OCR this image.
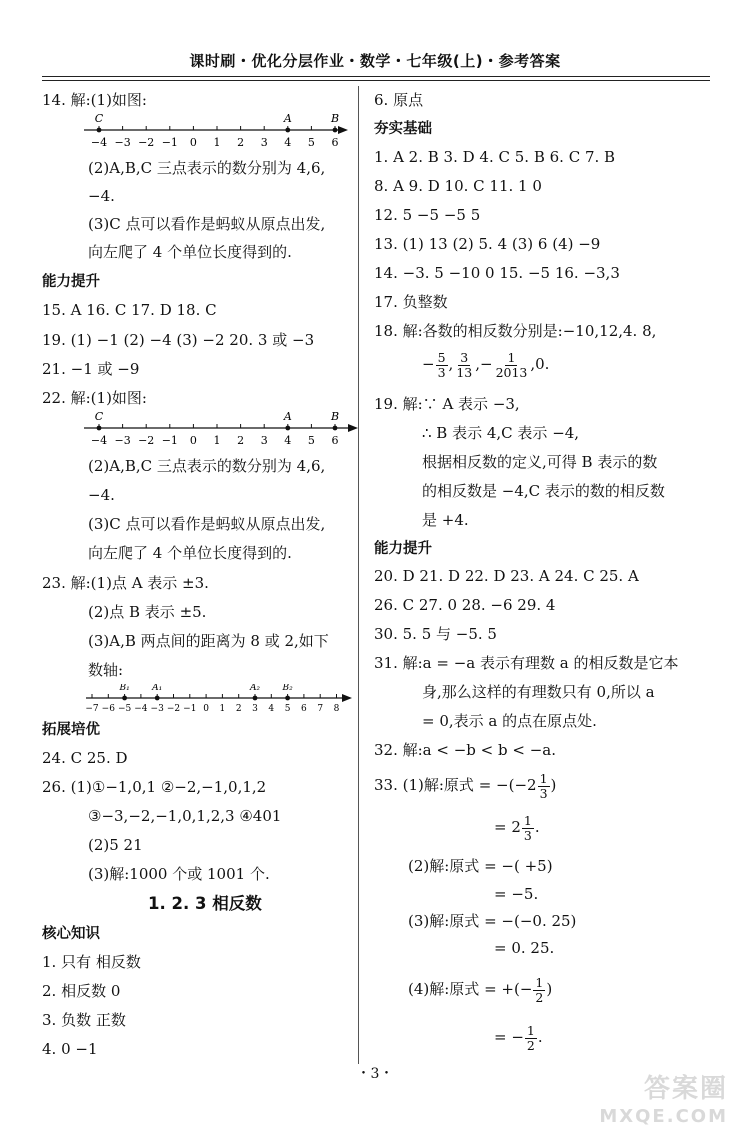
课时刷・优化分层作业・数学・七年级(上)・参考答案
14. 解:(1)如图:
−4 −3 −2 −1 0 1 2 3 4 5 6
C	A	B
(2)A,B,C 三点表示的数分别为 4,6,
−4.
(3)C 点可以看作是蚂蚁从原点出发,
向左爬了 4 个单位长度得到的.
能力提升
15. A 16. C 17. D 18. C
19. (1) −1 (2) −4 (3) −2 20. 3 或 −3
21. −1 或 −9
22. 解:(1)如图:
−4 −3 −2 −1 0 1 2 3 4 5 6
C	A	B
(2)A,B,C 三点表示的数分别为 4,6,
−4.
(3)C 点可以看作是蚂蚁从原点出发,
向左爬了 4 个单位长度得到的.
23. 解:(1)点 A 表示 ±3.
(2)点 B 表示 ±5.
(3)A,B 两点间的距离为 8 或 2,如下
数轴:
−7 −6 −5 −4 −3 −2 −1 0 1 2 3 4 5 6 7 8
B₁ A₁	A₂ B₂
拓展培优
24. C 25. D
26. (1)①−1,0,1 ②−2,−1,0,1,2
③−3,−2,−1,0,1,2,3 ④401
(2)5 21
(3)解:1000 个或 1001 个.
1. 2. 3 相反数
核心知识
1. 只有 相反数
2. 相反数 0
3. 负数 正数
4. 0 −1
6. 原点
夯实基础
1. A 2. B 3. D 4. C 5. B 6. C 7. B
8. A 9. D 10. C 11. 1 0
12. 5 −5 −5 5
13. (1) 13 (2) 5. 4 (3) 6 (4) −9
14. −3. 5 −10 0 15. −5 16. −3,3
17. 负整数
18. 解:各数的相反数分别是:−10,12,4. 8,
− $\frac{5}{3}$ , $\frac{3}{13}$ ,− $\frac{1}{2013} ,0$.
19. 解:∵ A 表示 −3,
∴ B 表示 4,C 表示 −4,
根据相反数的定义,可得 B 表示的数
的相反数是 −4,C 表示的数的相反数
是 +4.
能力提升
20. D 21. D 22. D 23. A 24. C 25. A
26. C 27. 0 28. −6 29. 4
30. 5. 5 与 −5. 5
31. 解:a = −a 表示有理数 a 的相反数是它本
身,那么这样的有理数只有 0,所以 a
= 0,表示 a 的点在原点处.
32. 解:a < −b < b < −a.
33. (1)解:原式 = $-(-2 \frac{1}{3}$ )
= $2 \frac{1}{3}$ .
(2)解:原式 = −( +5)
= −5.
(3)解:原式 = −(−0. 25)
= 0. 25.
(4)解:原式 = +(− $\frac{1}{2}$ )
= − $\frac{1}{2}$ .
・3・	答案圈
MXQE.COM
